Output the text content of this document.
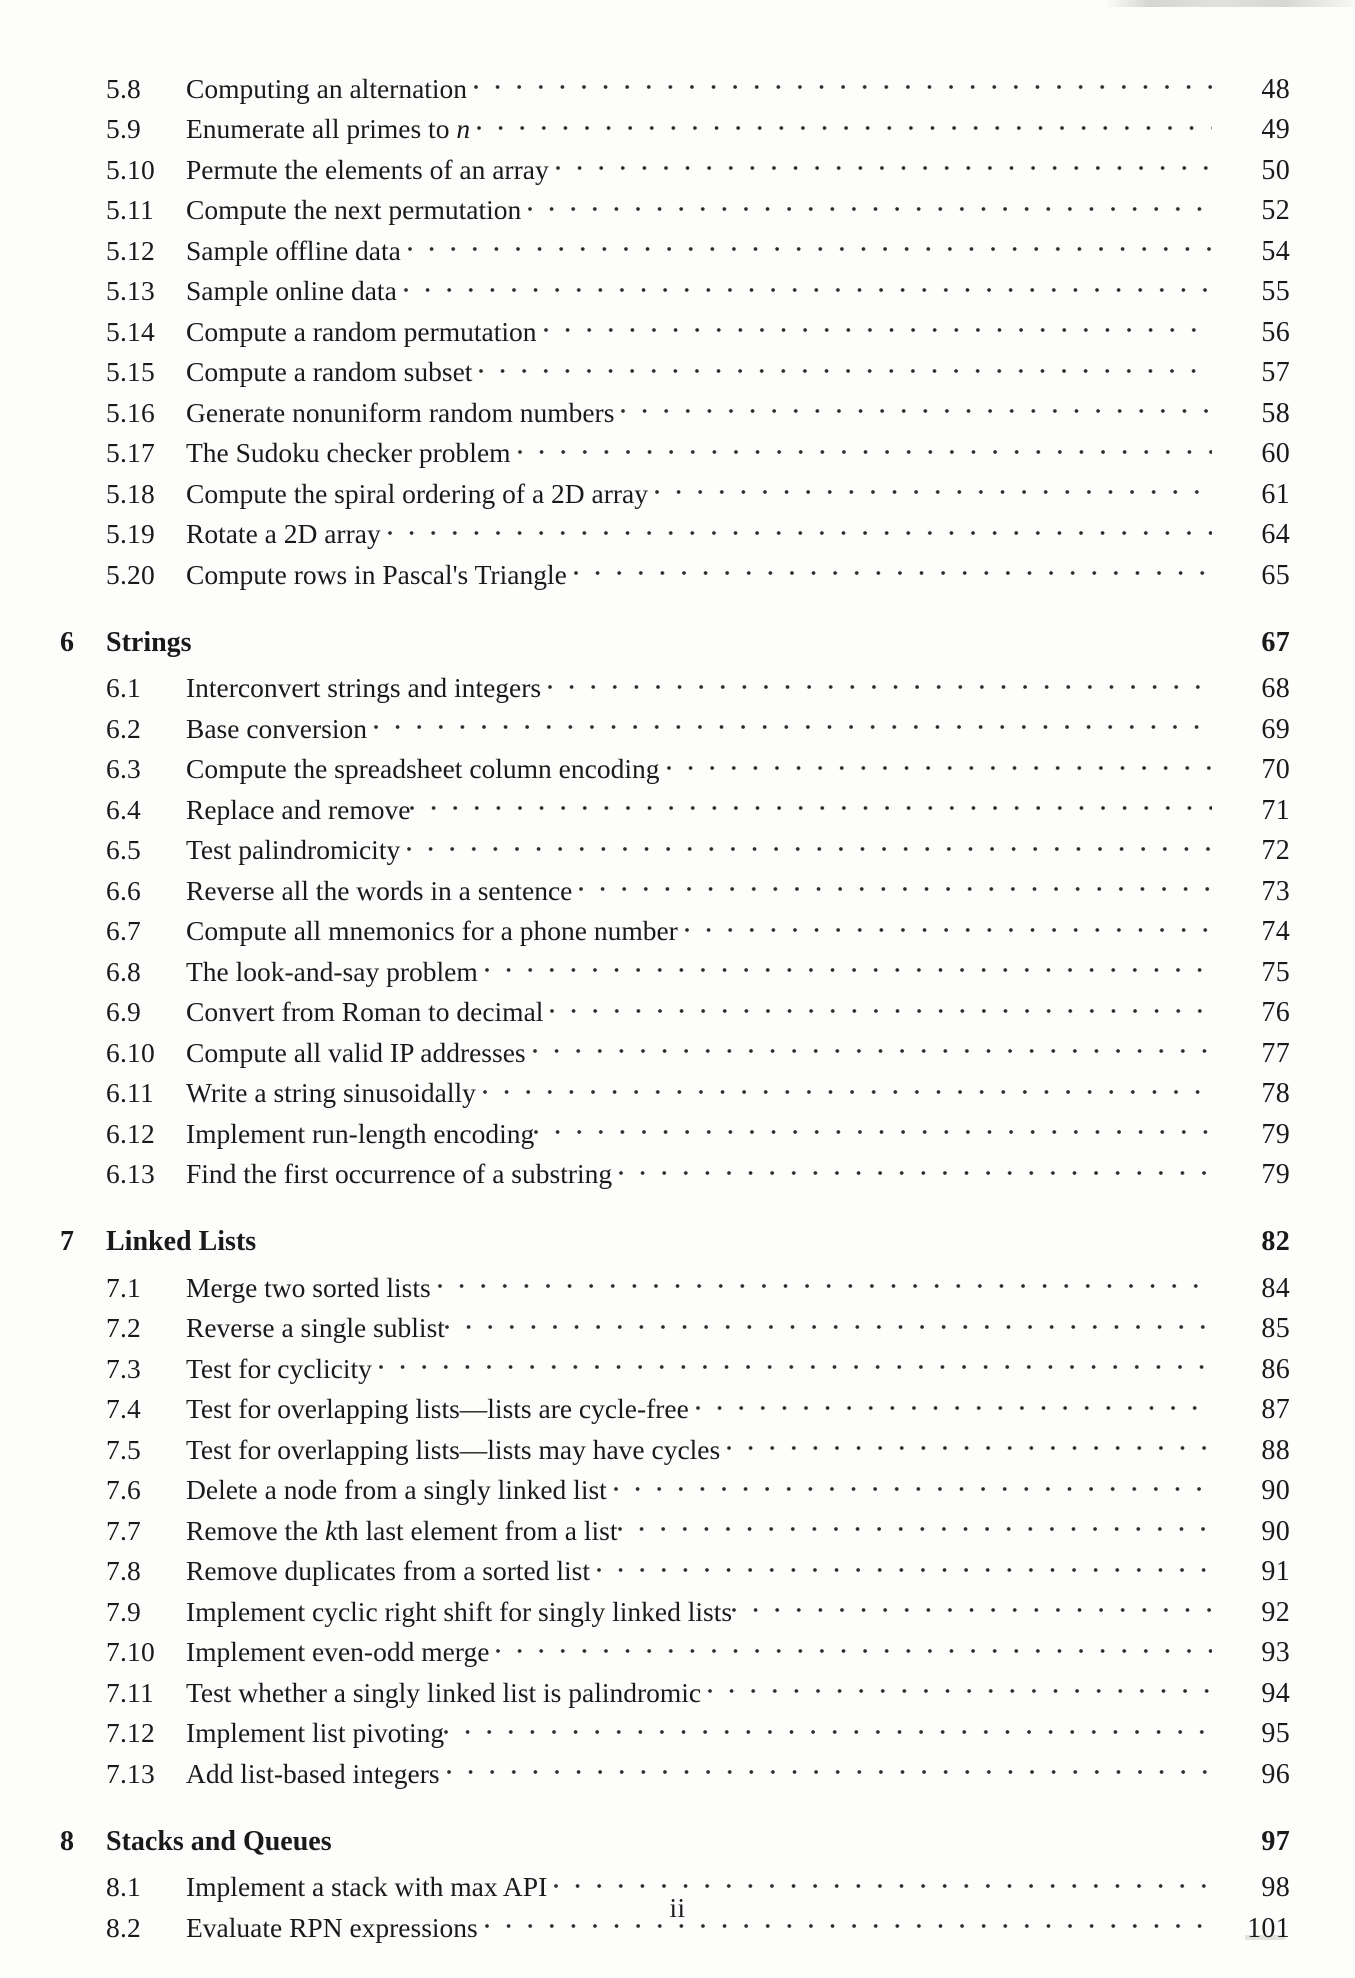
5.8	Computing an alternation	48
5.9	Enumerate all primes to n	49
5.10	Permute the elements of an array	50
5.11	Compute the next permutation	52
5.12	Sample offline data	54
5.13	Sample online data	55
5.14	Compute a random permutation	56
5.15	Compute a random subset	57
5.16	Generate nonuniform random numbers	58
5.17	The Sudoku checker problem	60
5.18	Compute the spiral ordering of a 2D array	61
5.19	Rotate a 2D array	64
5.20	Compute rows in Pascal's Triangle	65
6	Strings	67
6.1	Interconvert strings and integers	68
6.2	Base conversion	69
6.3	Compute the spreadsheet column encoding	70
6.4	Replace and remove	71
6.5	Test palindromicity	72
6.6	Reverse all the words in a sentence	73
6.7	Compute all mnemonics for a phone number	74
6.8	The look-and-say problem	75
6.9	Convert from Roman to decimal	76
6.10	Compute all valid IP addresses	77
6.11	Write a string sinusoidally	78
6.12	Implement run-length encoding	79
6.13	Find the first occurrence of a substring	79
7	Linked Lists	82
7.1	Merge two sorted lists	84
7.2	Reverse a single sublist	85
7.3	Test for cyclicity	86
7.4	Test for overlapping lists—lists are cycle-free	87
7.5	Test for overlapping lists—lists may have cycles	88
7.6	Delete a node from a singly linked list	90
7.7	Remove the kth last element from a list	90
7.8	Remove duplicates from a sorted list	91
7.9	Implement cyclic right shift for singly linked lists	92
7.10	Implement even-odd merge	93
7.11	Test whether a singly linked list is palindromic	94
7.12	Implement list pivoting	95
7.13	Add list-based integers	96
8	Stacks and Queues	97
8.1	Implement a stack with max API	98
8.2	Evaluate RPN expressions	101
ii
